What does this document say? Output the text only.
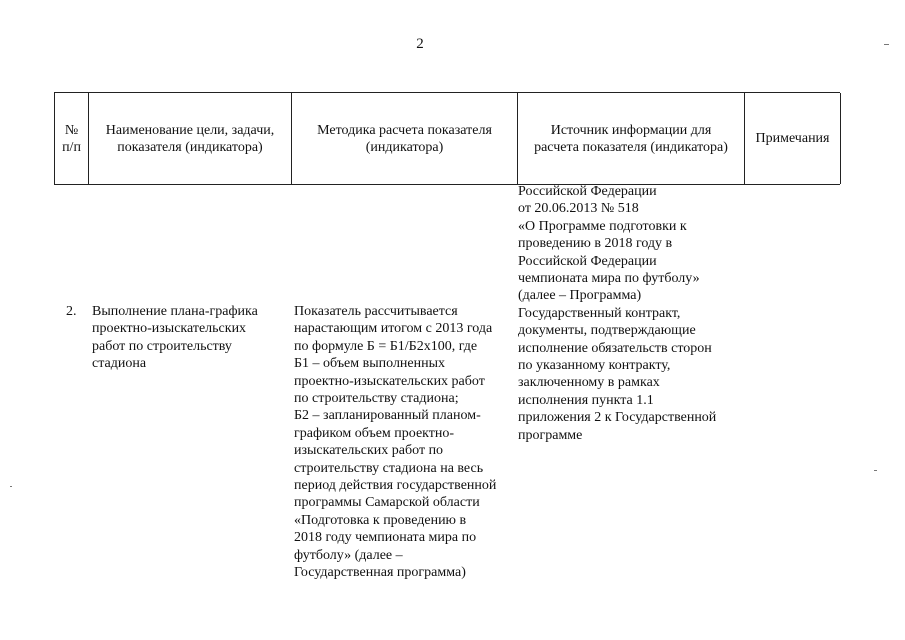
2
№
п/п
Наименование цели, задачи,
показателя (индикатора)
Методика расчета показателя
(индикатора)
Источник информации для
расчета показателя (индикатора)
Примечания
Российской Федерации
от 20.06.2013 № 518
«О Программе подготовки к
проведению в 2018 году в
Российской Федерации
чемпионата мира по футболу»
(далее – Программа)
Государственный контракт,
документы, подтверждающие
исполнение обязательств сторон
по указанному контракту,
заключенному в рамках
исполнения пункта 1.1
приложения 2 к Государственной
программе
2. Выполнение плана-графика
проектно-изыскательских
работ по строительству
стадиона
Показатель рассчитывается
нарастающим итогом с 2013 года
по формуле Б = Б1/Б2х100, где
Б1 – объем выполненных
проектно-изыскательских работ
по строительству стадиона;
Б2 – запланированный планом-
графиком объем проектно-
изыскательских работ по
строительству стадиона на весь
период действия государственной
программы Самарской области
«Подготовка к проведению в
2018 году чемпионата мира по
футболу» (далее –
Государственная программа)
